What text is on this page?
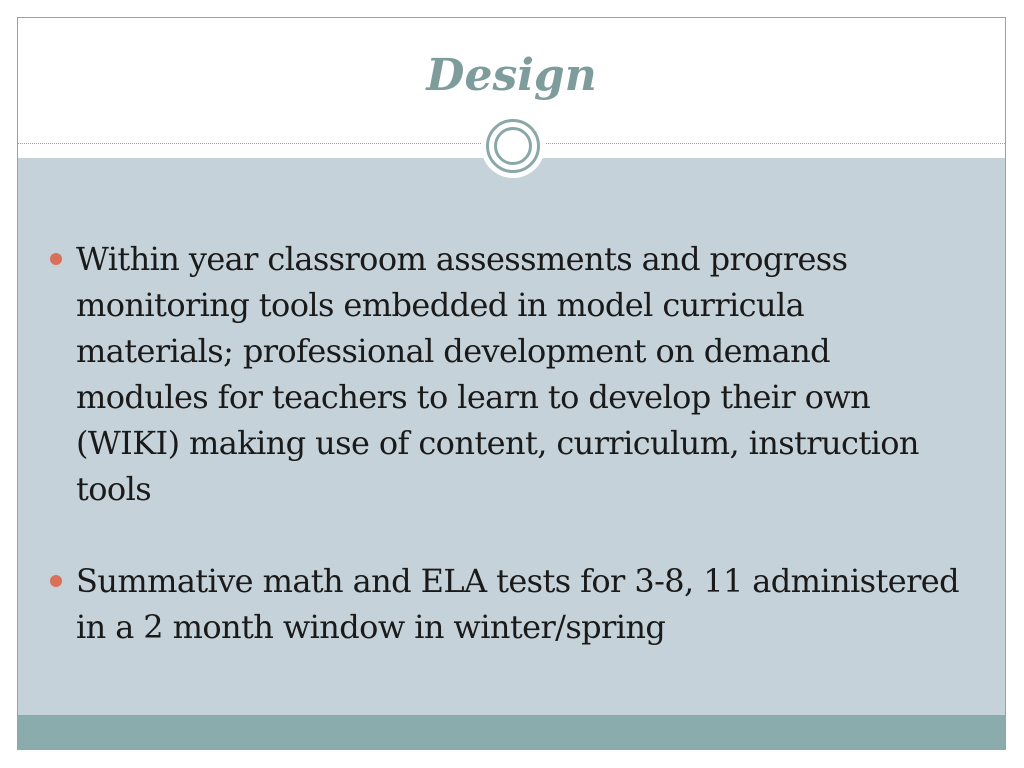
Design
Within year classroom assessments and progress monitoring tools embedded in model curricula materials; professional development on demand modules for teachers to learn to develop their own (WIKI) making use of content, curriculum, instruction tools
Summative math and ELA tests for 3-8, 11 administered in a 2 month window in winter/spring
